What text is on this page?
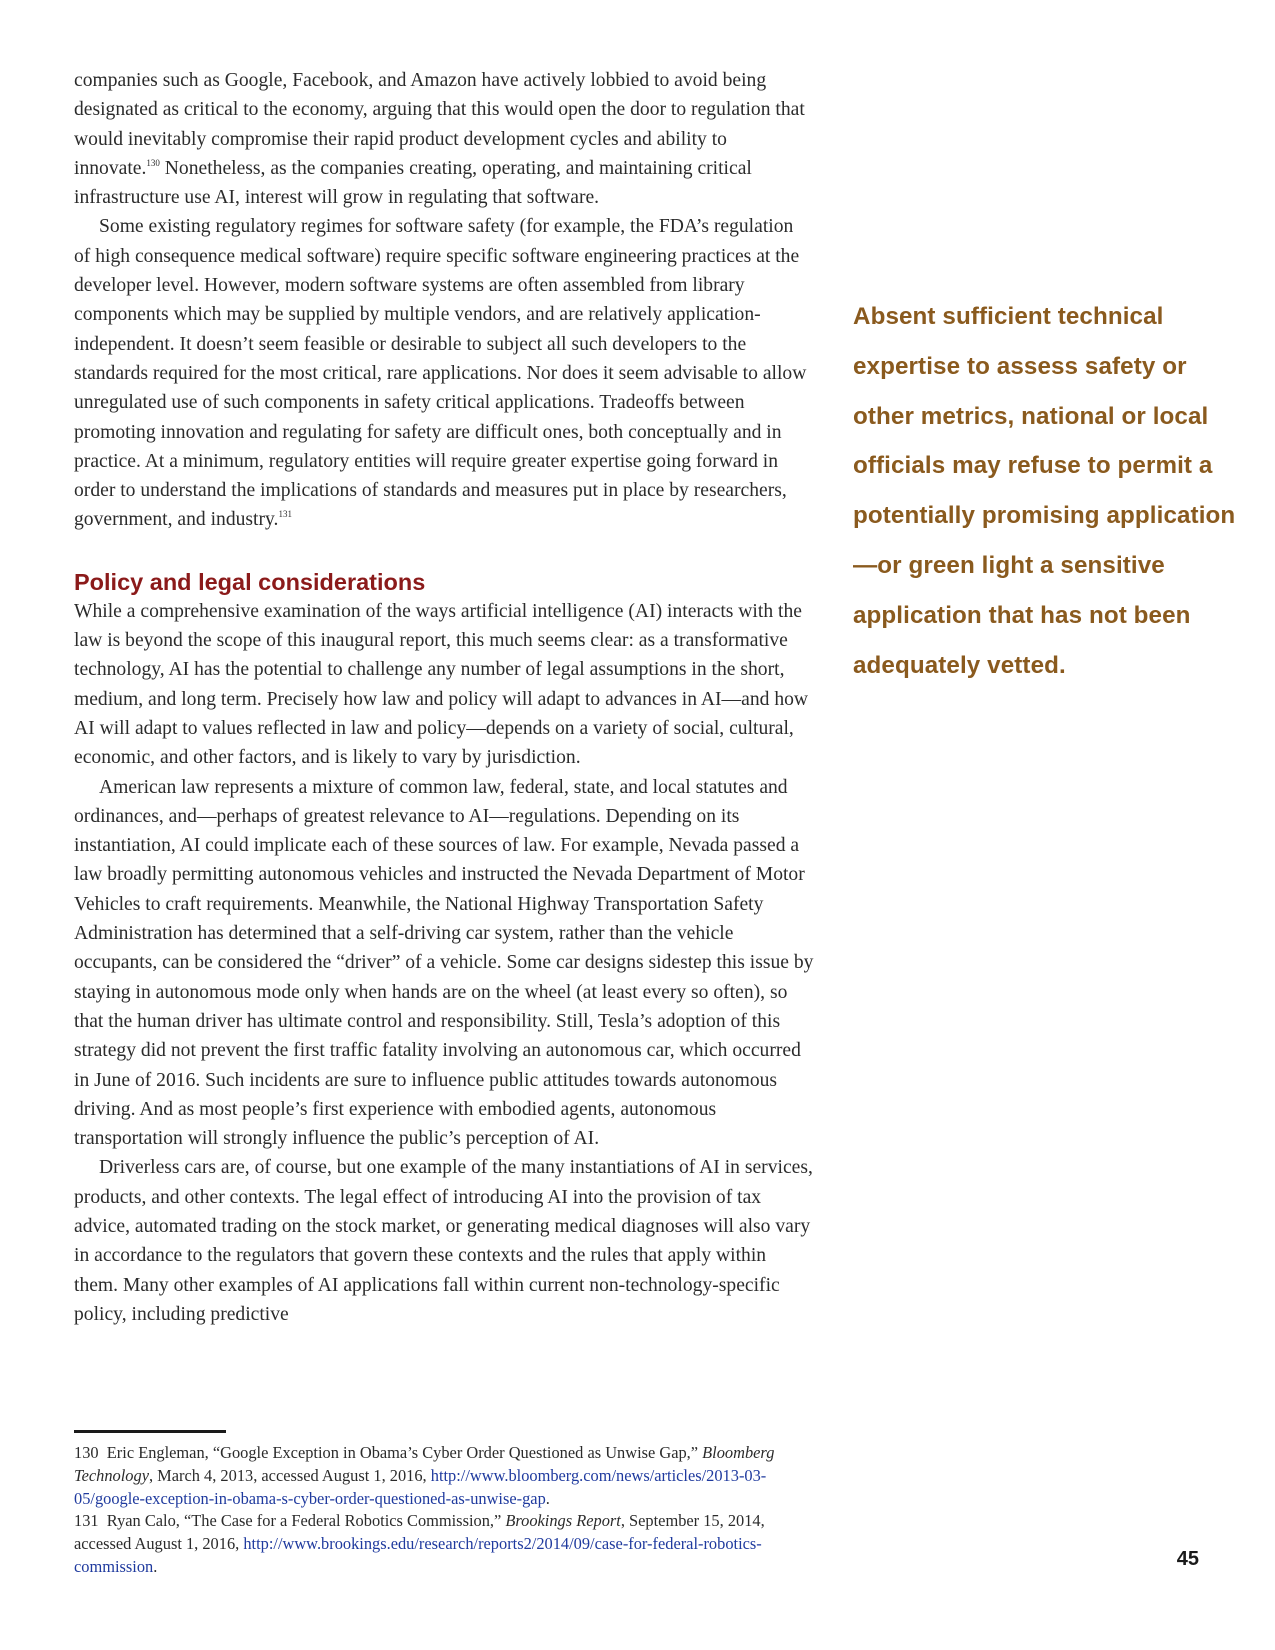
companies such as Google, Facebook, and Amazon have actively lobbied to avoid being designated as critical to the economy, arguing that this would open the door to regulation that would inevitably compromise their rapid product development cycles and ability to innovate.$^{130}$ Nonetheless, as the companies creating, operating, and maintaining critical infrastructure use AI, interest will grow in regulating that software.

Some existing regulatory regimes for software safety (for example, the FDA’s regulation of high consequence medical software) require specific software engineering practices at the developer level. However, modern software systems are often assembled from library components which may be supplied by multiple vendors, and are relatively application-independent. It doesn’t seem feasible or desirable to subject all such developers to the standards required for the most critical, rare applications. Nor does it seem advisable to allow unregulated use of such components in safety critical applications. Tradeoffs between promoting innovation and regulating for safety are difficult ones, both conceptually and in practice. At a minimum, regulatory entities will require greater expertise going forward in order to understand the implications of standards and measures put in place by researchers, government, and industry.$^{131}$

Policy and legal considerations

While a comprehensive examination of the ways artificial intelligence (AI) interacts with the law is beyond the scope of this inaugural report, this much seems clear: as a transformative technology, AI has the potential to challenge any number of legal assumptions in the short, medium, and long term. Precisely how law and policy will adapt to advances in AI—and how AI will adapt to values reflected in law and policy—depends on a variety of social, cultural, economic, and other factors, and is likely to vary by jurisdiction.

American law represents a mixture of common law, federal, state, and local statutes and ordinances, and—perhaps of greatest relevance to AI—regulations. Depending on its instantiation, AI could implicate each of these sources of law. For example, Nevada passed a law broadly permitting autonomous vehicles and instructed the Nevada Department of Motor Vehicles to craft requirements. Meanwhile, the National Highway Transportation Safety Administration has determined that a self-driving car system, rather than the vehicle occupants, can be considered the “driver” of a vehicle. Some car designs sidestep this issue by staying in autonomous mode only when hands are on the wheel (at least every so often), so that the human driver has ultimate control and responsibility. Still, Tesla’s adoption of this strategy did not prevent the first traffic fatality involving an autonomous car, which occurred in June of 2016. Such incidents are sure to influence public attitudes towards autonomous driving. And as most people’s first experience with embodied agents, autonomous transportation will strongly influence the public’s perception of AI.

Driverless cars are, of course, but one example of the many instantiations of AI in services, products, and other contexts. The legal effect of introducing AI into the provision of tax advice, automated trading on the stock market, or generating medical diagnoses will also vary in accordance to the regulators that govern these contexts and the rules that apply within them. Many other examples of AI applications fall within current non-technology-specific policy, including predictive

Absent sufficient technical expertise to assess safety or other metrics, national or local officials may refuse to permit a potentially promising application—or green light a sensitive application that has not been adequately vetted.

130 Eric Engleman, “Google Exception in Obama’s Cyber Order Questioned as Unwise Gap,” Bloomberg Technology, March 4, 2013, accessed August 1, 2016, http://www.bloomberg.com/news/articles/2013-03-05/google-exception-in-obama-s-cyber-order-questioned-as-unwise-gap.

131 Ryan Calo, “The Case for a Federal Robotics Commission,” Brookings Report, September 15, 2014, accessed August 1, 2016, http://www.brookings.edu/research/reports2/2014/09/case-for-federal-robotics-commission.	45
